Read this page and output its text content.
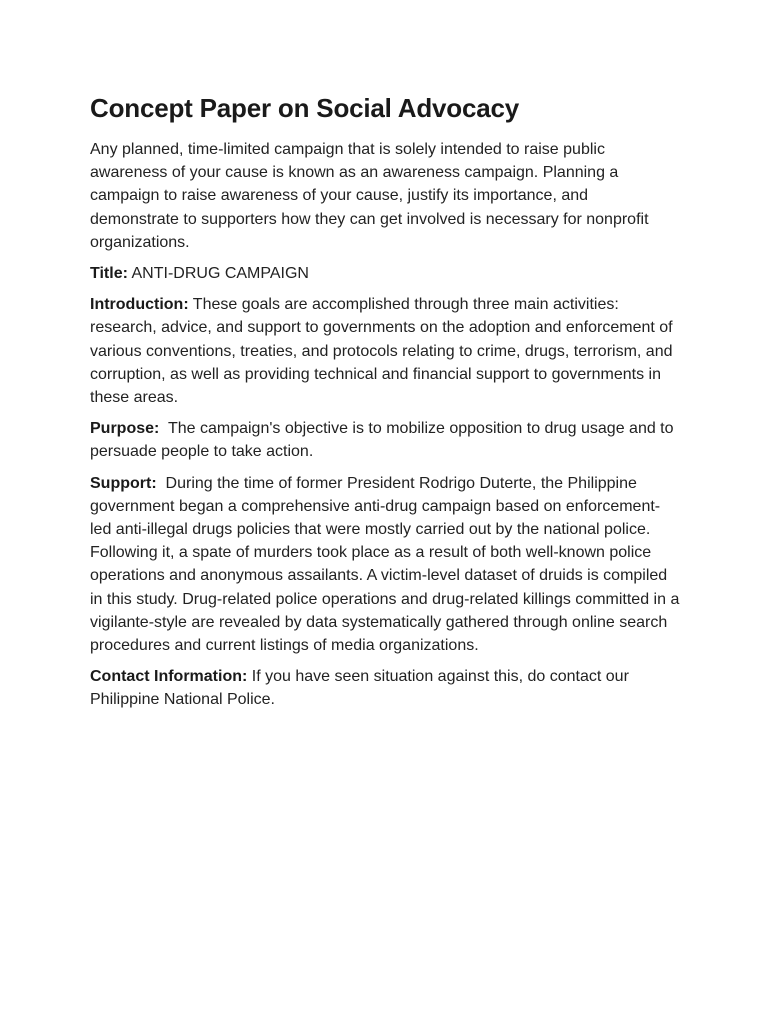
Concept Paper on Social Advocacy

Any planned, time-limited campaign that is solely intended to raise public awareness of your cause is known as an awareness campaign. Planning a campaign to raise awareness of your cause, justify its importance, and demonstrate to supporters how they can get involved is necessary for nonprofit organizations.

Title: ANTI-DRUG CAMPAIGN

Introduction: These goals are accomplished through three main activities: research, advice, and support to governments on the adoption and enforcement of various conventions, treaties, and protocols relating to crime, drugs, terrorism, and corruption, as well as providing technical and financial support to governments in these areas.

Purpose:  The campaign's objective is to mobilize opposition to drug usage and to persuade people to take action.

Support:  During the time of former President Rodrigo Duterte, the Philippine government began a comprehensive anti-drug campaign based on enforcement-led anti-illegal drugs policies that were mostly carried out by the national police. Following it, a spate of murders took place as a result of both well-known police operations and anonymous assailants. A victim-level dataset of druids is compiled in this study. Drug-related police operations and drug-related killings committed in a vigilante-style are revealed by data systematically gathered through online search procedures and current listings of media organizations.

Contact Information: If you have seen situation against this, do contact our Philippine National Police.
